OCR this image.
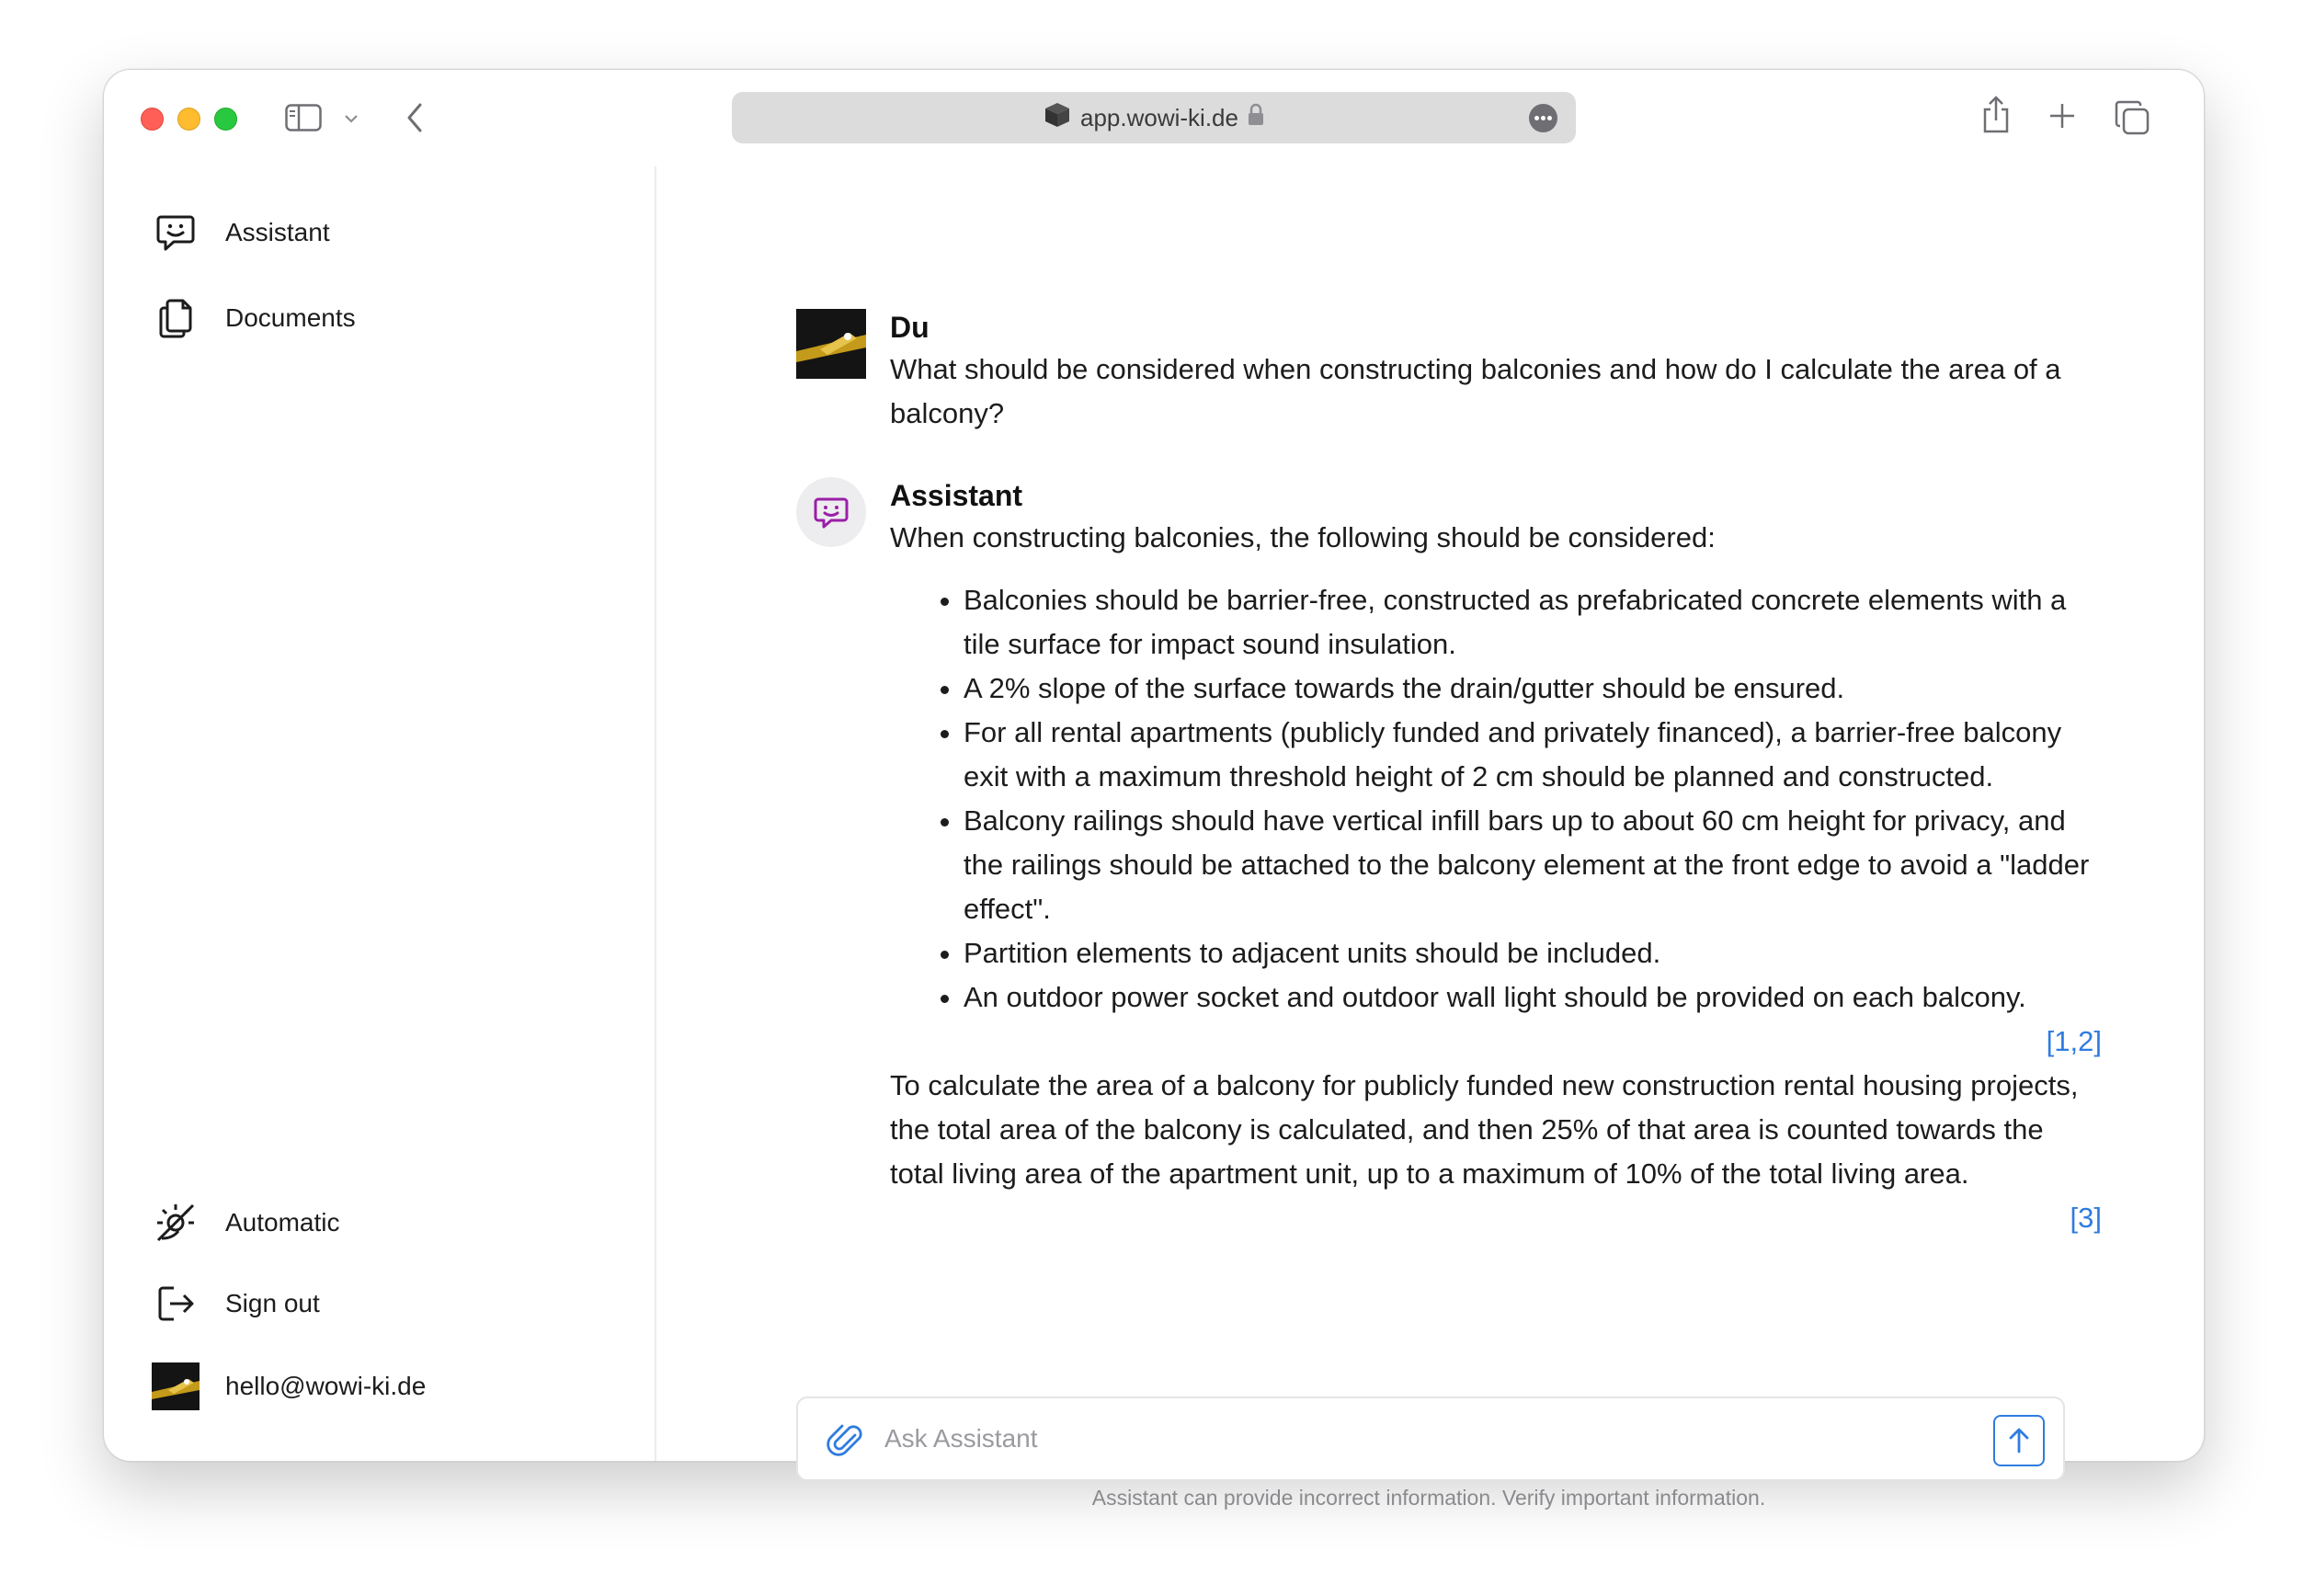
app.wowi-ki.de
Assistant
Documents
Automatic
Sign out
hello@wowi-ki.de
Du
What should be considered when constructing balconies and how do I calculate the area of a balcony?
Assistant
When constructing balconies, the following should be considered:
• Balconies should be barrier-free, constructed as prefabricated concrete elements with a tile surface for impact sound insulation.
• A 2% slope of the surface towards the drain/gutter should be ensured.
• For all rental apartments (publicly funded and privately financed), a barrier-free balcony exit with a maximum threshold height of 2 cm should be planned and constructed.
• Balcony railings should have vertical infill bars up to about 60 cm height for privacy, and the railings should be attached to the balcony element at the front edge to avoid a "ladder effect".
• Partition elements to adjacent units should be included.
• An outdoor power socket and outdoor wall light should be provided on each balcony.
[1,2]
To calculate the area of a balcony for publicly funded new construction rental housing projects, the total area of the balcony is calculated, and then 25% of that area is counted towards the total living area of the apartment unit, up to a maximum of 10% of the total living area.
[3]
Ask Assistant
Assistant can provide incorrect information. Verify important information.
